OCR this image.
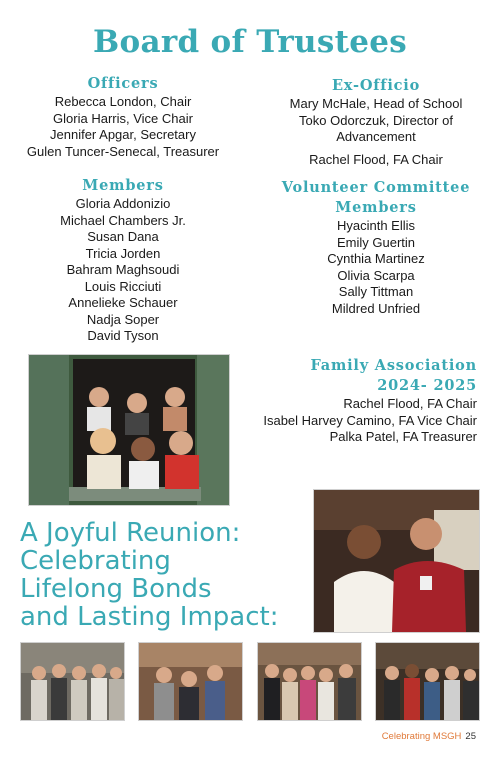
Board of Trustees
Officers
Rebecca London, Chair
Gloria Harris, Vice Chair
Jennifer Apgar, Secretary
Gulen Tuncer-Senecal, Treasurer
Ex-Officio
Mary McHale, Head of School
Toko Odorczuk, Director of
Advancement
Rachel Flood, FA Chair
Members
Gloria Addonizio
Michael Chambers Jr.
Susan Dana
Tricia Jorden
Bahram Maghsoudi
Louis Ricciuti
Annelieke Schauer
Nadja Soper
David Tyson
Volunteer Committee
Members
Hyacinth Ellis
Emily Guertin
Cynthia Martinez
Olivia Scarpa
Sally Tittman
Mildred Unfried
Family Association
2024- 2025
Rachel Flood, FA Chair
Isabel Harvey Camino, FA Vice Chair
Palka Patel, FA Treasurer
A Joyful Reunion:
Celebrating
Lifelong Bonds
and Lasting Impact:
Celebrating MSGH 25
